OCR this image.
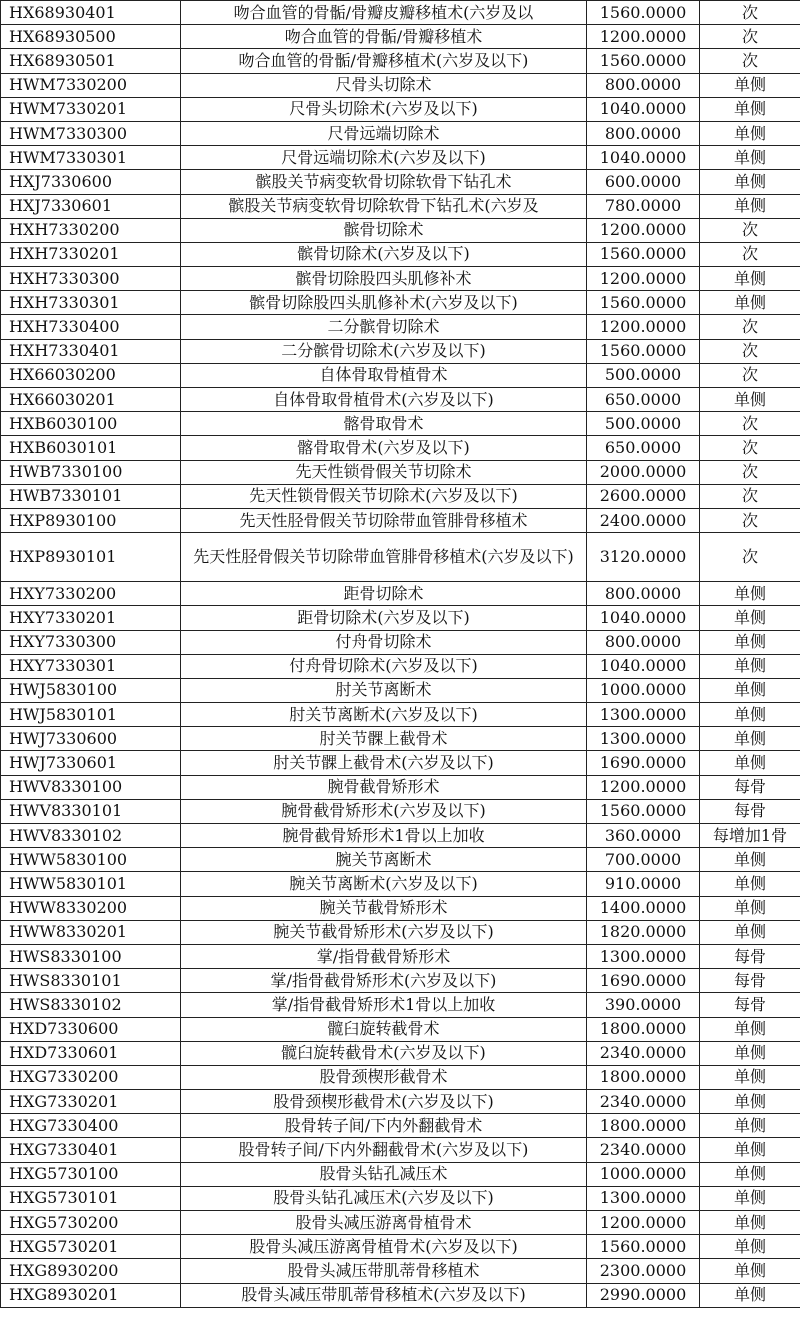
HX68930401	吻合血管的骨骺/骨瓣皮瓣移植术(六岁及以	1560.0000	次
HX68930500	吻合血管的骨骺/骨瓣移植术	1200.0000	次
HX68930501	吻合血管的骨骺/骨瓣移植术(六岁及以下)	1560.0000	次
HWM7330200	尺骨头切除术	800.0000	单侧
HWM7330201	尺骨头切除术(六岁及以下)	1040.0000	单侧
HWM7330300	尺骨远端切除术	800.0000	单侧
HWM7330301	尺骨远端切除术(六岁及以下)	1040.0000	单侧
HXJ7330600	髌股关节病变软骨切除软骨下钻孔术	600.0000	单侧
HXJ7330601	髌股关节病变软骨切除软骨下钻孔术(六岁及	780.0000	单侧
HXH7330200	髌骨切除术	1200.0000	次
HXH7330201	髌骨切除术(六岁及以下)	1560.0000	次
HXH7330300	髌骨切除股四头肌修补术	1200.0000	单侧
HXH7330301	髌骨切除股四头肌修补术(六岁及以下)	1560.0000	单侧
HXH7330400	二分髌骨切除术	1200.0000	次
HXH7330401	二分髌骨切除术(六岁及以下)	1560.0000	次
HX66030200	自体骨取骨植骨术	500.0000	次
HX66030201	自体骨取骨植骨术(六岁及以下)	650.0000	单侧
HXB6030100	髂骨取骨术	500.0000	次
HXB6030101	髂骨取骨术(六岁及以下)	650.0000	次
HWB7330100	先天性锁骨假关节切除术	2000.0000	次
HWB7330101	先天性锁骨假关节切除术(六岁及以下)	2600.0000	次
HXP8930100	先天性胫骨假关节切除带血管腓骨移植术	2400.0000	次
HXP8930101	先天性胫骨假关节切除带血管腓骨移植术(六岁及以下)	3120.0000	次
HXY7330200	距骨切除术	800.0000	单侧
HXY7330201	距骨切除术(六岁及以下)	1040.0000	单侧
HXY7330300	付舟骨切除术	800.0000	单侧
HXY7330301	付舟骨切除术(六岁及以下)	1040.0000	单侧
HWJ5830100	肘关节离断术	1000.0000	单侧
HWJ5830101	肘关节离断术(六岁及以下)	1300.0000	单侧
HWJ7330600	肘关节髁上截骨术	1300.0000	单侧
HWJ7330601	肘关节髁上截骨术(六岁及以下)	1690.0000	单侧
HWV8330100	腕骨截骨矫形术	1200.0000	每骨
HWV8330101	腕骨截骨矫形术(六岁及以下)	1560.0000	每骨
HWV8330102	腕骨截骨矫形术1骨以上加收	360.0000	每增加1骨
HWW5830100	腕关节离断术	700.0000	单侧
HWW5830101	腕关节离断术(六岁及以下)	910.0000	单侧
HWW8330200	腕关节截骨矫形术	1400.0000	单侧
HWW8330201	腕关节截骨矫形术(六岁及以下)	1820.0000	单侧
HWS8330100	掌/指骨截骨矫形术	1300.0000	每骨
HWS8330101	掌/指骨截骨矫形术(六岁及以下)	1690.0000	每骨
HWS8330102	掌/指骨截骨矫形术1骨以上加收	390.0000	每骨
HXD7330600	髋臼旋转截骨术	1800.0000	单侧
HXD7330601	髋臼旋转截骨术(六岁及以下)	2340.0000	单侧
HXG7330200	股骨颈楔形截骨术	1800.0000	单侧
HXG7330201	股骨颈楔形截骨术(六岁及以下)	2340.0000	单侧
HXG7330400	股骨转子间/下内外翻截骨术	1800.0000	单侧
HXG7330401	股骨转子间/下内外翻截骨术(六岁及以下)	2340.0000	单侧
HXG5730100	股骨头钻孔减压术	1000.0000	单侧
HXG5730101	股骨头钻孔减压术(六岁及以下)	1300.0000	单侧
HXG5730200	股骨头减压游离骨植骨术	1200.0000	单侧
HXG5730201	股骨头减压游离骨植骨术(六岁及以下)	1560.0000	单侧
HXG8930200	股骨头减压带肌蒂骨移植术	2300.0000	单侧
HXG8930201	股骨头减压带肌蒂骨移植术(六岁及以下)	2990.0000	单侧
